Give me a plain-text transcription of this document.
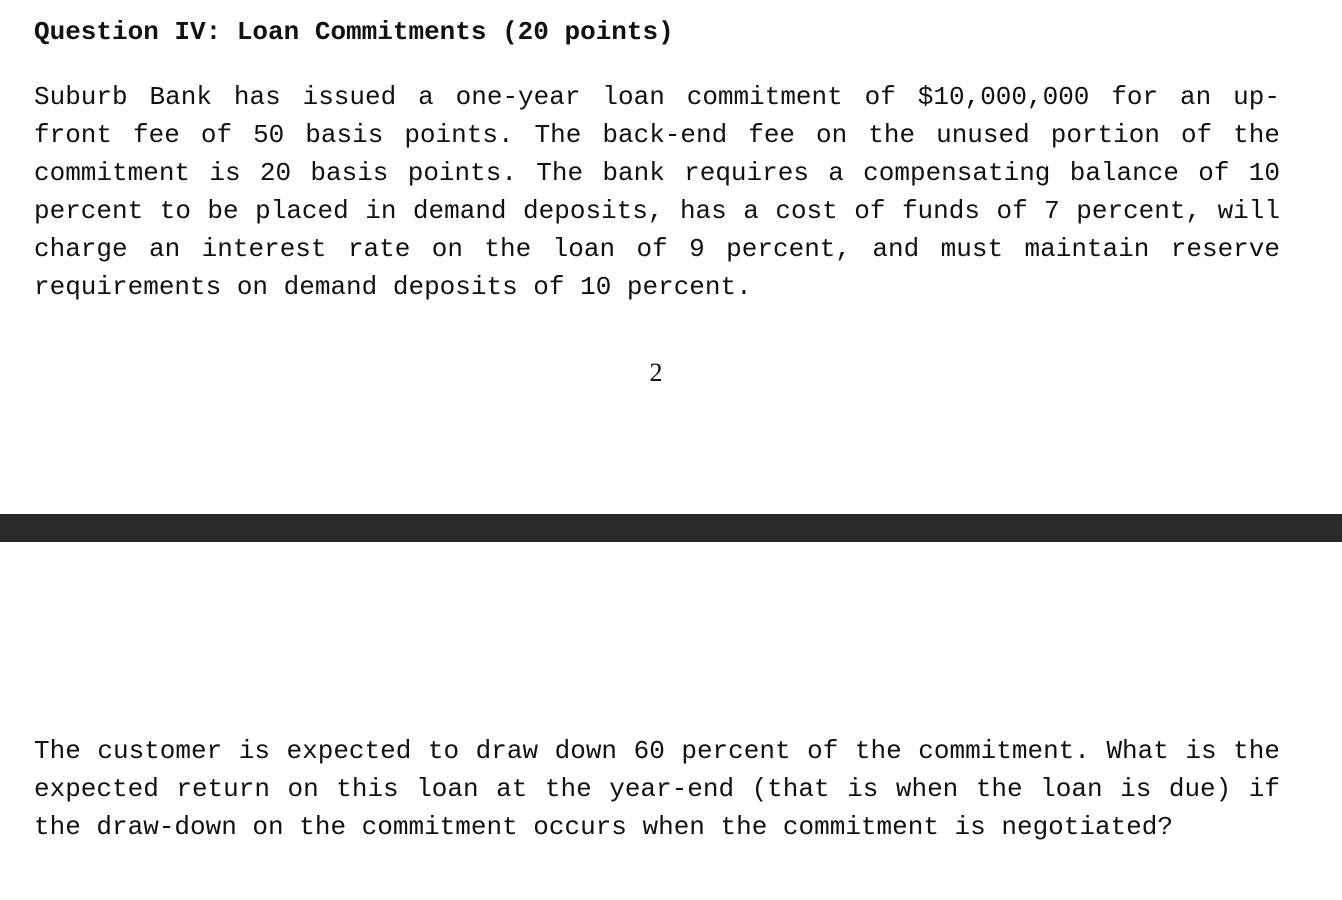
Question IV: Loan Commitments (20 points)

Suburb Bank has issued a one-year loan commitment of $10,000,000 for an up-front fee of 50 basis points. The back-end fee on the unused portion of the commitment is 20 basis points. The bank requires a compensating balance of 10 percent to be placed in demand deposits, has a cost of funds of 7 percent, will charge an interest rate on the loan of 9 percent, and must maintain reserve requirements on demand deposits of 10 percent.

2

The customer is expected to draw down 60 percent of the commitment. What is the expected return on this loan at the year-end (that is when the loan is due) if the draw-down on the commitment occurs when the commitment is negotiated?
